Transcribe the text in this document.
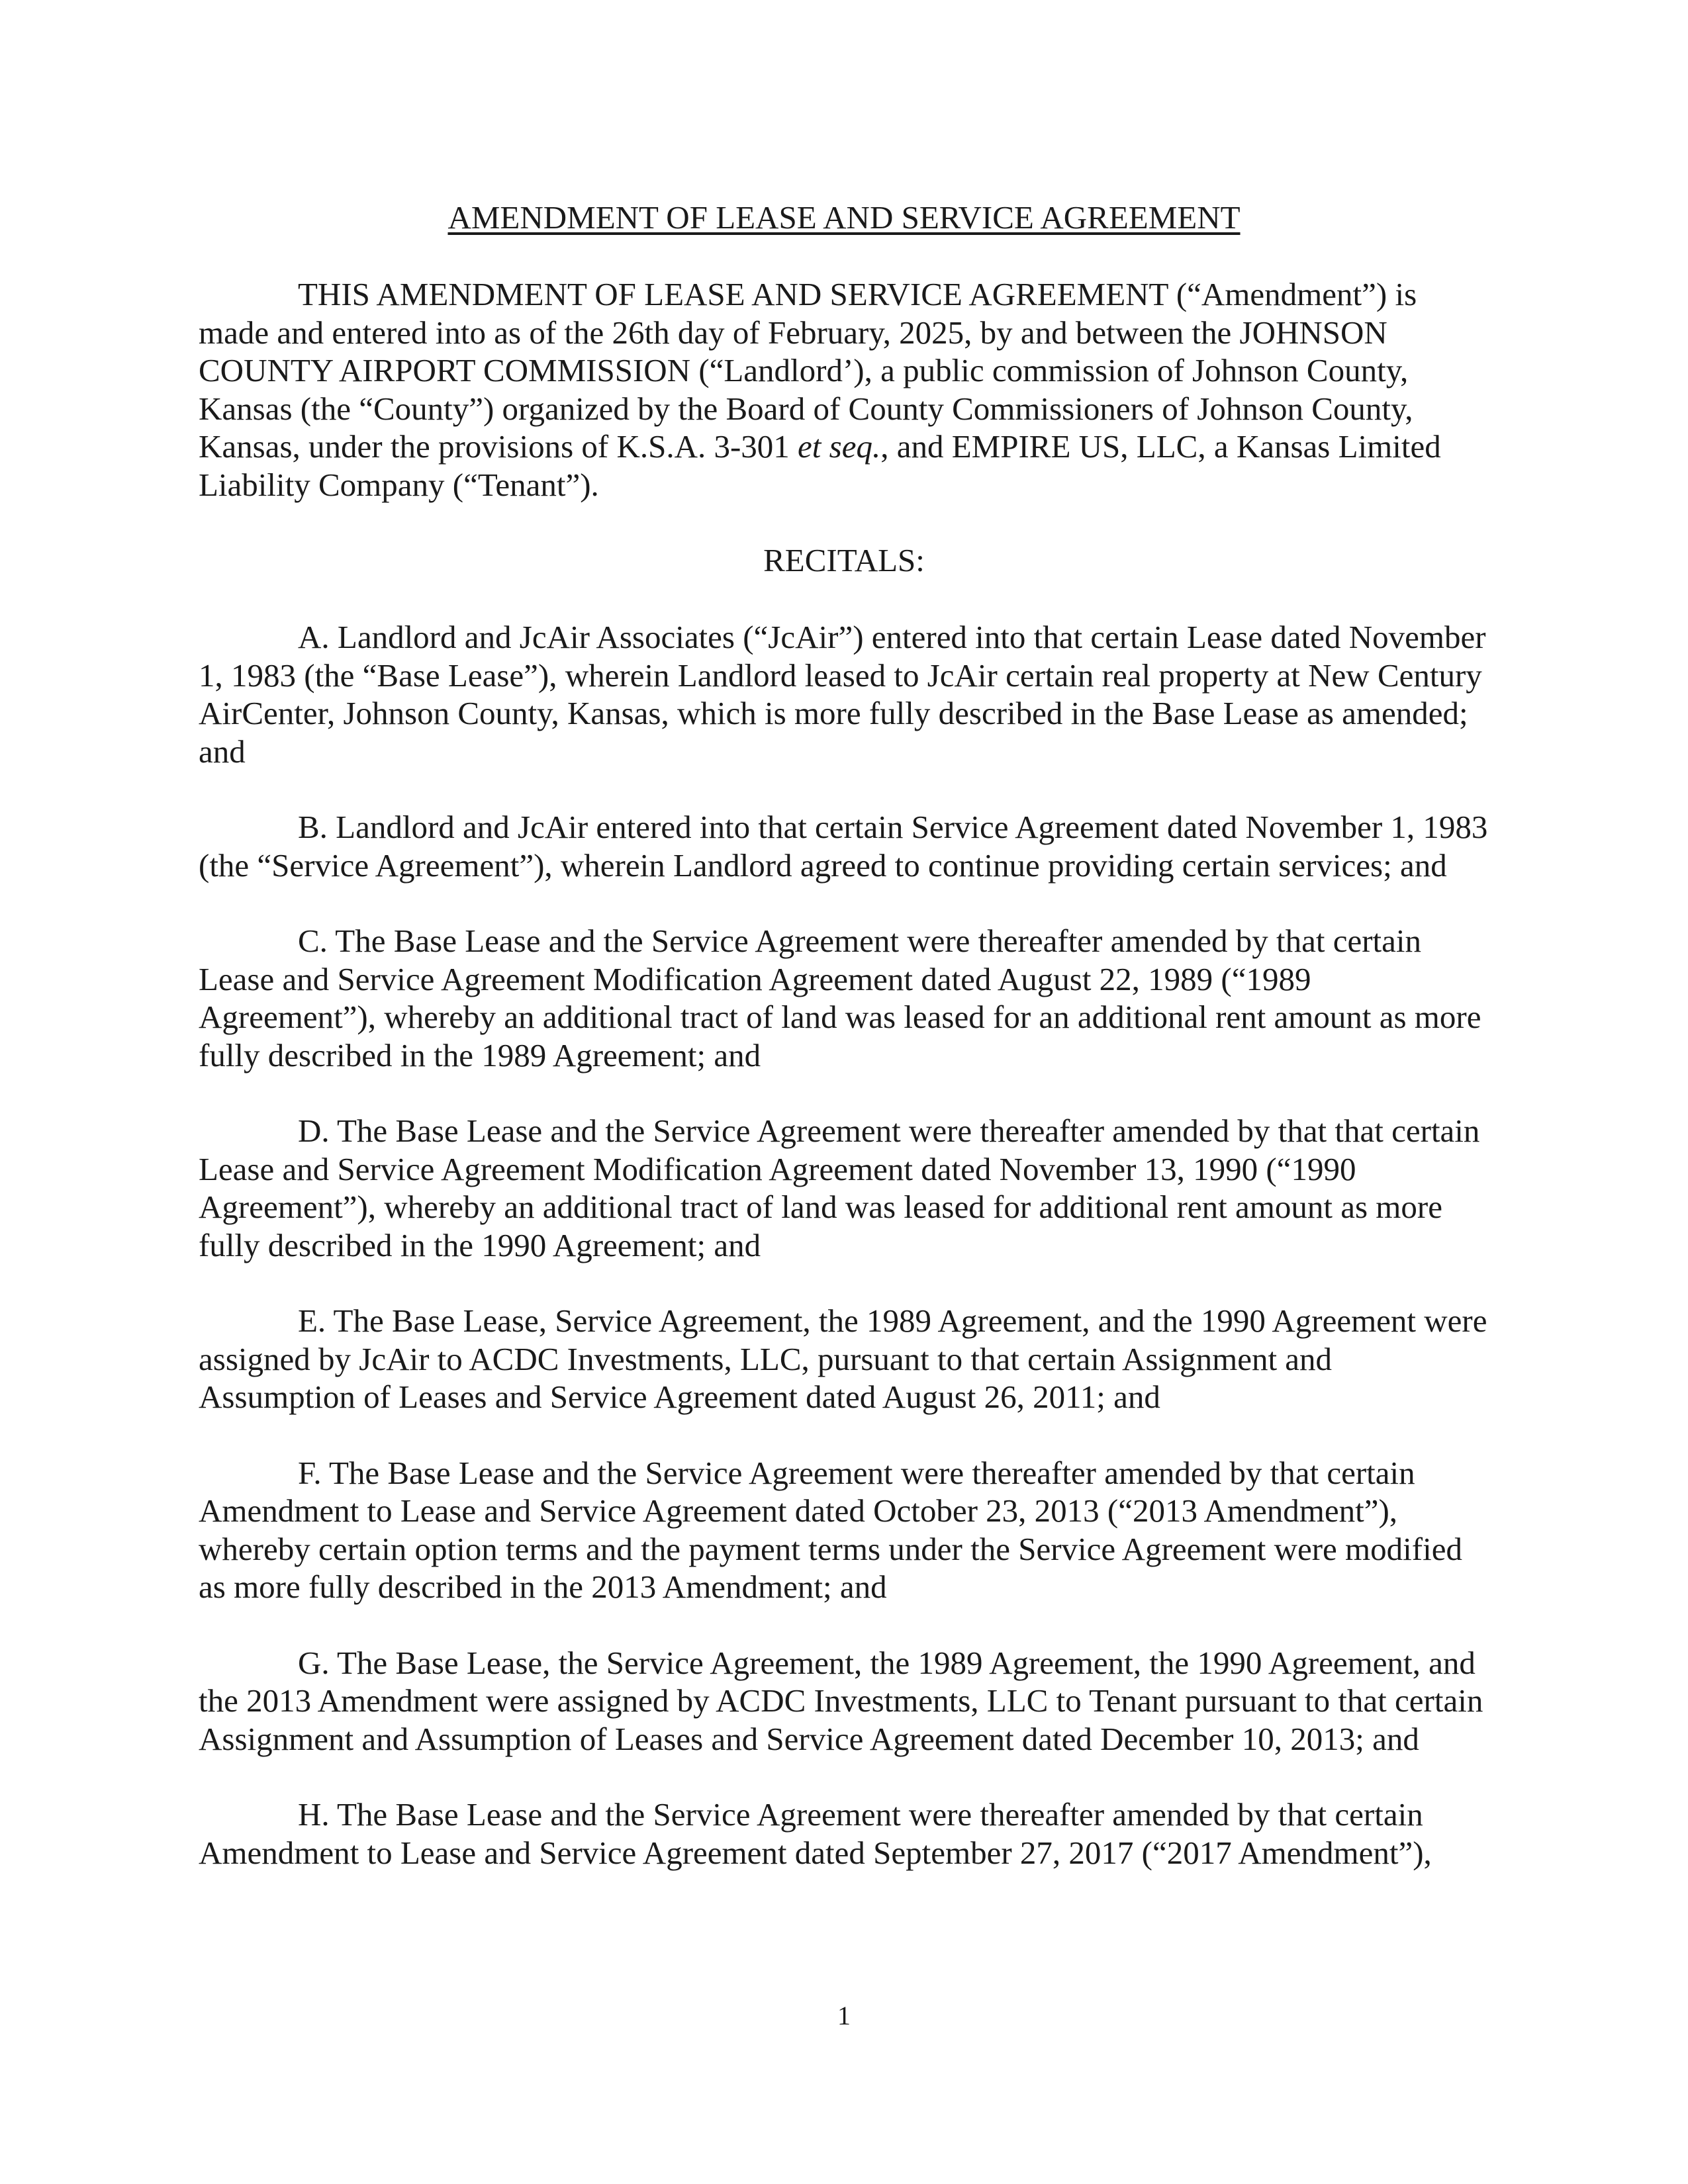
AMENDMENT OF LEASE AND SERVICE AGREEMENT

THIS AMENDMENT OF LEASE AND SERVICE AGREEMENT (“Amendment”) is made and entered into as of the 26th day of February, 2025, by and between the JOHNSON COUNTY AIRPORT COMMISSION (“Landlord’), a public commission of Johnson County, Kansas (the “County”) organized by the Board of County Commissioners of Johnson County, Kansas, under the provisions of K.S.A. 3-301 et seq., and EMPIRE US, LLC, a Kansas Limited Liability Company (“Tenant”).

RECITALS:

A. Landlord and JcAir Associates (“JcAir”) entered into that certain Lease dated November 1, 1983 (the “Base Lease”), wherein Landlord leased to JcAir certain real property at New Century AirCenter, Johnson County, Kansas, which is more fully described in the Base Lease as amended; and

B. Landlord and JcAir entered into that certain Service Agreement dated November 1, 1983 (the “Service Agreement”), wherein Landlord agreed to continue providing certain services; and

C. The Base Lease and the Service Agreement were thereafter amended by that certain Lease and Service Agreement Modification Agreement dated August 22, 1989 (“1989 Agreement”), whereby an additional tract of land was leased for an additional rent amount as more fully described in the 1989 Agreement; and

D. The Base Lease and the Service Agreement were thereafter amended by that that certain Lease and Service Agreement Modification Agreement dated November 13, 1990 (“1990 Agreement”), whereby an additional tract of land was leased for additional rent amount as more fully described in the 1990 Agreement; and

E. The Base Lease, Service Agreement, the 1989 Agreement, and the 1990 Agreement were assigned by JcAir to ACDC Investments, LLC, pursuant to that certain Assignment and Assumption of Leases and Service Agreement dated August 26, 2011; and

F. The Base Lease and the Service Agreement were thereafter amended by that certain Amendment to Lease and Service Agreement dated October 23, 2013 (“2013 Amendment”), whereby certain option terms and the payment terms under the Service Agreement were modified as more fully described in the 2013 Amendment; and

G. The Base Lease, the Service Agreement, the 1989 Agreement, the 1990 Agreement, and the 2013 Amendment were assigned by ACDC Investments, LLC to Tenant pursuant to that certain Assignment and Assumption of Leases and Service Agreement dated December 10, 2013; and

H. The Base Lease and the Service Agreement were thereafter amended by that certain Amendment to Lease and Service Agreement dated September 27, 2017 (“2017 Amendment”),

1
